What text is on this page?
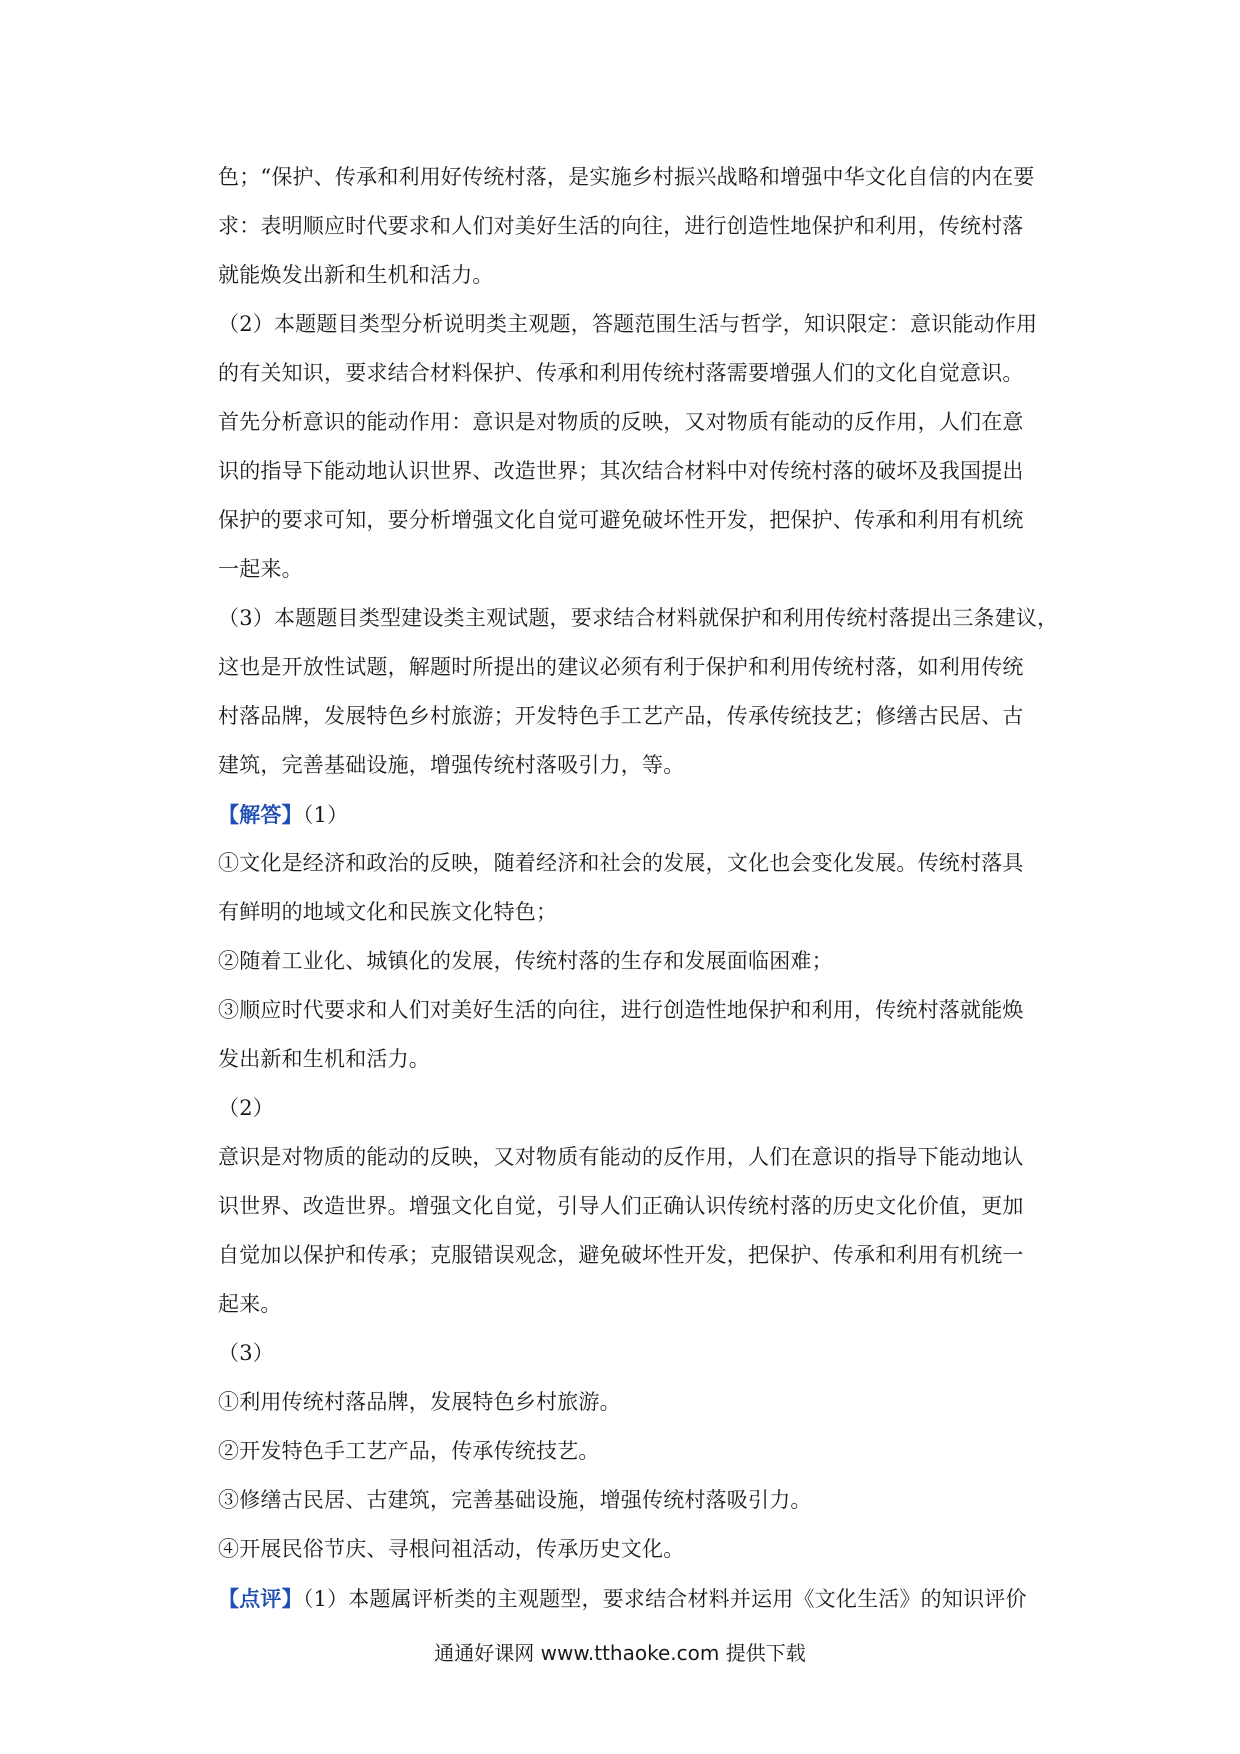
色；“保护、传承和利用好传统村落，是实施乡村振兴战略和增强中华文化自信的内在要
求：表明顺应时代要求和人们对美好生活的向往，进行创造性地保护和利用，传统村落
就能焕发出新和生机和活力。
（2）本题题目类型分析说明类主观题，答题范围生活与哲学，知识限定：意识能动作用
的有关知识，要求结合材料保护、传承和利用传统村落需要增强人们的文化自觉意识。
首先分析意识的能动作用：意识是对物质的反映，又对物质有能动的反作用，人们在意
识的指导下能动地认识世界、改造世界；其次结合材料中对传统村落的破坏及我国提出
保护的要求可知，要分析增强文化自觉可避免破坏性开发，把保护、传承和利用有机统
一起来。
（3）本题题目类型建设类主观试题，要求结合材料就保护和利用传统村落提出三条建议，
这也是开放性试题，解题时所提出的建议必须有利于保护和利用传统村落，如利用传统
村落品牌，发展特色乡村旅游；开发特色手工艺产品，传承传统技艺；修缮古民居、古
建筑，完善基础设施，增强传统村落吸引力，等。
【解答】（1）
①文化是经济和政治的反映，随着经济和社会的发展，文化也会变化发展。传统村落具
有鲜明的地域文化和民族文化特色；
②随着工业化、城镇化的发展，传统村落的生存和发展面临困难；
③顺应时代要求和人们对美好生活的向往，进行创造性地保护和利用，传统村落就能焕
发出新和生机和活力。
（2）
意识是对物质的能动的反映，又对物质有能动的反作用，人们在意识的指导下能动地认
识世界、改造世界。增强文化自觉，引导人们正确认识传统村落的历史文化价值，更加
自觉加以保护和传承；克服错误观念，避免破坏性开发，把保护、传承和利用有机统一
起来。
（3）
①利用传统村落品牌，发展特色乡村旅游。
②开发特色手工艺产品，传承传统技艺。
③修缮古民居、古建筑，完善基础设施，增强传统村落吸引力。
④开展民俗节庆、寻根问祖活动，传承历史文化。
【点评】（1）本题属评析类的主观题型，要求结合材料并运用《文化生活》的知识评价
通通好课网 www.tthaoke.com 提供下载
